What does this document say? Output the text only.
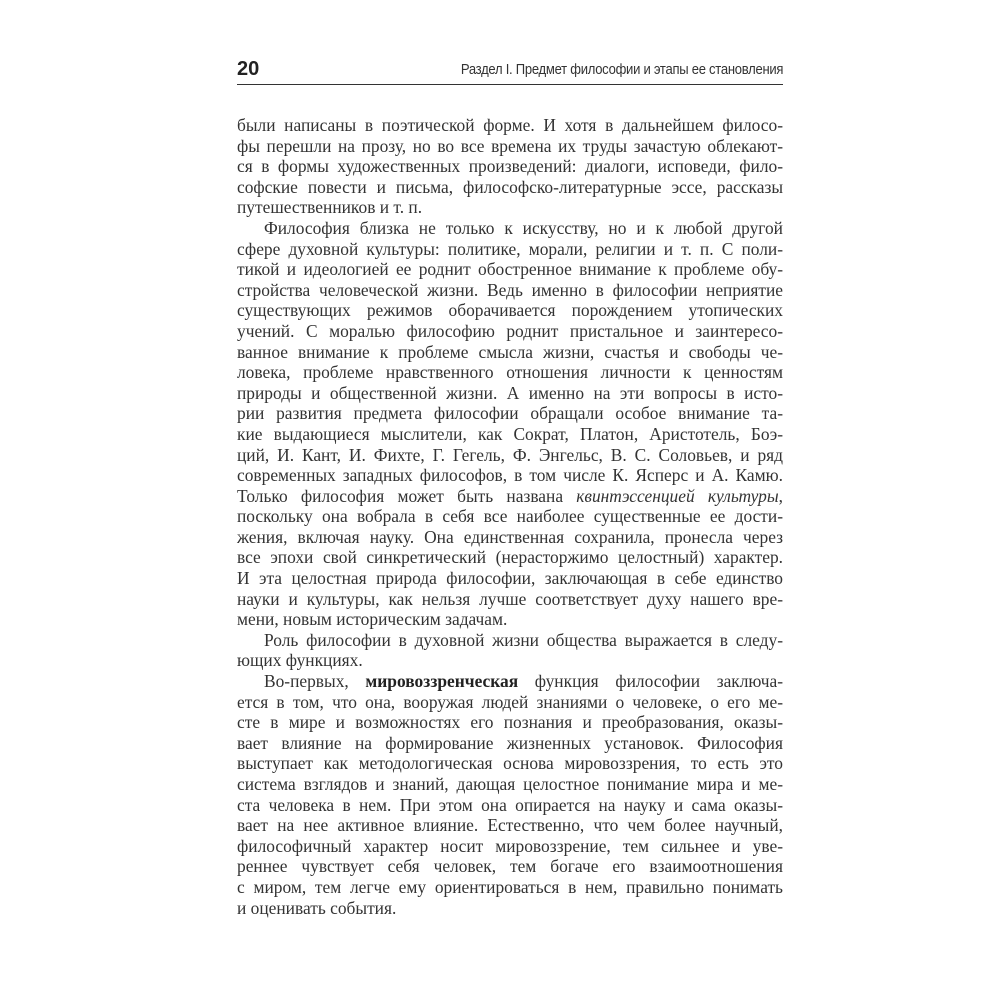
20	Раздел I. Предмет философии и этапы ее становления
были написаны в поэтической форме. И хотя в дальнейшем филосо-
фы перешли на прозу, но во все времена их труды зачастую облекают-
ся в формы художественных произведений: диалоги, исповеди, фило-
софские повести и письма, философско-литературные эссе, рассказы
путешественников и т. п.
Философия близка не только к искусству, но и к любой другой
сфере духовной культуры: политике, морали, религии и т. п. С поли-
тикой и идеологией ее роднит обостренное внимание к проблеме обу-
стройства человеческой жизни. Ведь именно в философии неприятие
существующих режимов оборачивается порождением утопических
учений. С моралью философию роднит пристальное и заинтересо-
ванное внимание к проблеме смысла жизни, счастья и свободы че-
ловека, проблеме нравственного отношения личности к ценностям
природы и общественной жизни. А именно на эти вопросы в исто-
рии развития предмета философии обращали особое внимание та-
кие выдающиеся мыслители, как Сократ, Платон, Аристотель, Боэ-
ций, И. Кант, И. Фихте, Г. Гегель, Ф. Энгельс, В. С. Соловьев, и ряд
современных западных философов, в том числе К. Ясперс и А. Камю.
Только философия может быть названа квинтэссенцией культуры,
поскольку она вобрала в себя все наиболее существенные ее дости-
жения, включая науку. Она единственная сохранила, пронесла через
все эпохи свой синкретический (нерасторжимо целостный) характер.
И эта целостная природа философии, заключающая в себе единство
науки и культуры, как нельзя лучше соответствует духу нашего вре-
мени, новым историческим задачам.
Роль философии в духовной жизни общества выражается в следу-
ющих функциях.
Во-первых, мировоззренческая функция философии заключа-
ется в том, что она, вооружая людей знаниями о человеке, о его ме-
сте в мире и возможностях его познания и преобразования, оказы-
вает влияние на формирование жизненных установок. Философия
выступает как методологическая основа мировоззрения, то есть это
система взглядов и знаний, дающая целостное понимание мира и ме-
ста человека в нем. При этом она опирается на науку и сама оказы-
вает на нее активное влияние. Естественно, что чем более научный,
философичный характер носит мировоззрение, тем сильнее и уве-
реннее чувствует себя человек, тем богаче его взаимоотношения
с миром, тем легче ему ориентироваться в нем, правильно понимать
и оценивать события.
